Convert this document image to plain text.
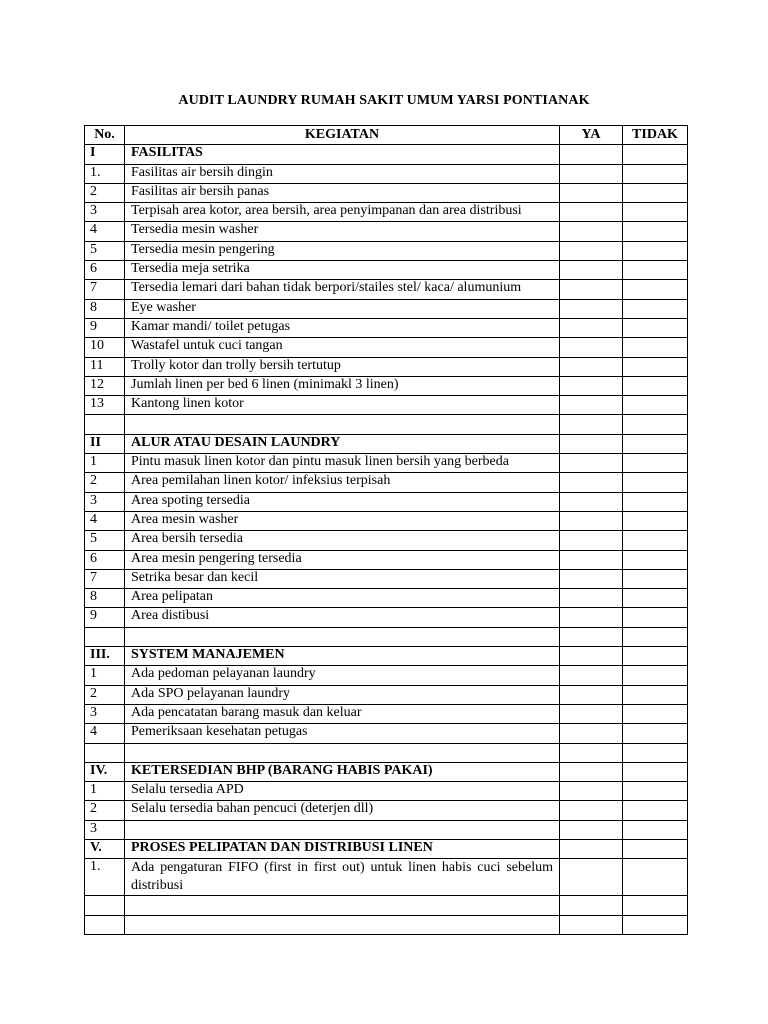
AUDIT LAUNDRY RUMAH SAKIT UMUM YARSI PONTIANAK
No.	KEGIATAN	YA	TIDAK
I	FASILITAS		
1.	Fasilitas air bersih dingin		
2	Fasilitas air bersih panas		
3	Terpisah area kotor, area bersih, area penyimpanan dan area distribusi		
4	Tersedia mesin washer		
5	Tersedia mesin pengering		
6	Tersedia meja setrika		
7	Tersedia lemari dari bahan tidak berpori/stailes stel/ kaca/ alumunium		
8	Eye washer		
9	Kamar mandi/ toilet petugas		
10	Wastafel untuk cuci tangan		
11	Trolly kotor dan trolly bersih tertutup		
12	Jumlah linen per bed 6 linen (minimakl 3 linen)		
13	Kantong linen kotor		

II	ALUR ATAU DESAIN LAUNDRY		
1	Pintu masuk linen kotor dan pintu masuk linen bersih yang berbeda		
2	Area pemilahan linen kotor/ infeksius terpisah		
3	Area spoting tersedia		
4	Area mesin washer		
5	Area bersih tersedia		
6	Area mesin pengering tersedia		
7	Setrika besar dan kecil		
8	Area pelipatan		
9	Area distibusi		

III.	SYSTEM MANAJEMEN		
1	Ada pedoman pelayanan laundry		
2	Ada SPO pelayanan laundry		
3	Ada pencatatan barang masuk dan keluar		
4	Pemeriksaan kesehatan petugas		

IV.	KETERSEDIAN BHP (BARANG HABIS PAKAI)		
1	Selalu tersedia APD		
2	Selalu tersedia bahan pencuci (deterjen dll)		
3			
V.	PROSES PELIPATAN DAN DISTRIBUSI LINEN		
1.	Ada pengaturan FIFO (first in first out) untuk linen habis cuci sebelum distribusi		
